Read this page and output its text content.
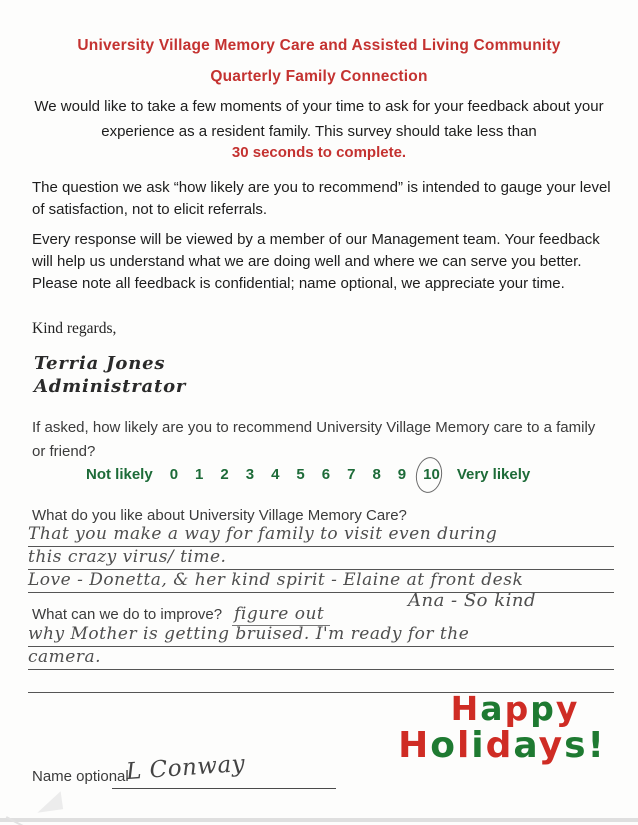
University Village Memory Care and Assisted Living Community
Quarterly Family Connection

We would like to take a few moments of your time to ask for your feedback about your experience as a resident family. This survey should take less than

30 seconds to complete.

The question we ask “how likely are you to recommend” is intended to gauge your level of satisfaction, not to elicit referrals.

Every response will be viewed by a member of our Management team. Your feedback will help us understand what we are doing well and where we can serve you better. Please note all feedback is confidential; name optional, we appreciate your time.

Kind regards,
Terria Jones
Administrator

If asked, how likely are you to recommend University Village Memory care to a family or friend?

Not likely 0 1 2 3 4 5 6 7 8 9 10 Very likely
What do you like about University Village Memory Care?
That you make a way for family to visit even during
this crazy virus/ time.
Love - Donetta, & her kind spirit - Elaine at front desk
Ana - So kind
What can we do to improve? figure out
why Mother is getting bruised. I'm ready for the
camera.
Happy
Holidays!
Name optional
L Conway
